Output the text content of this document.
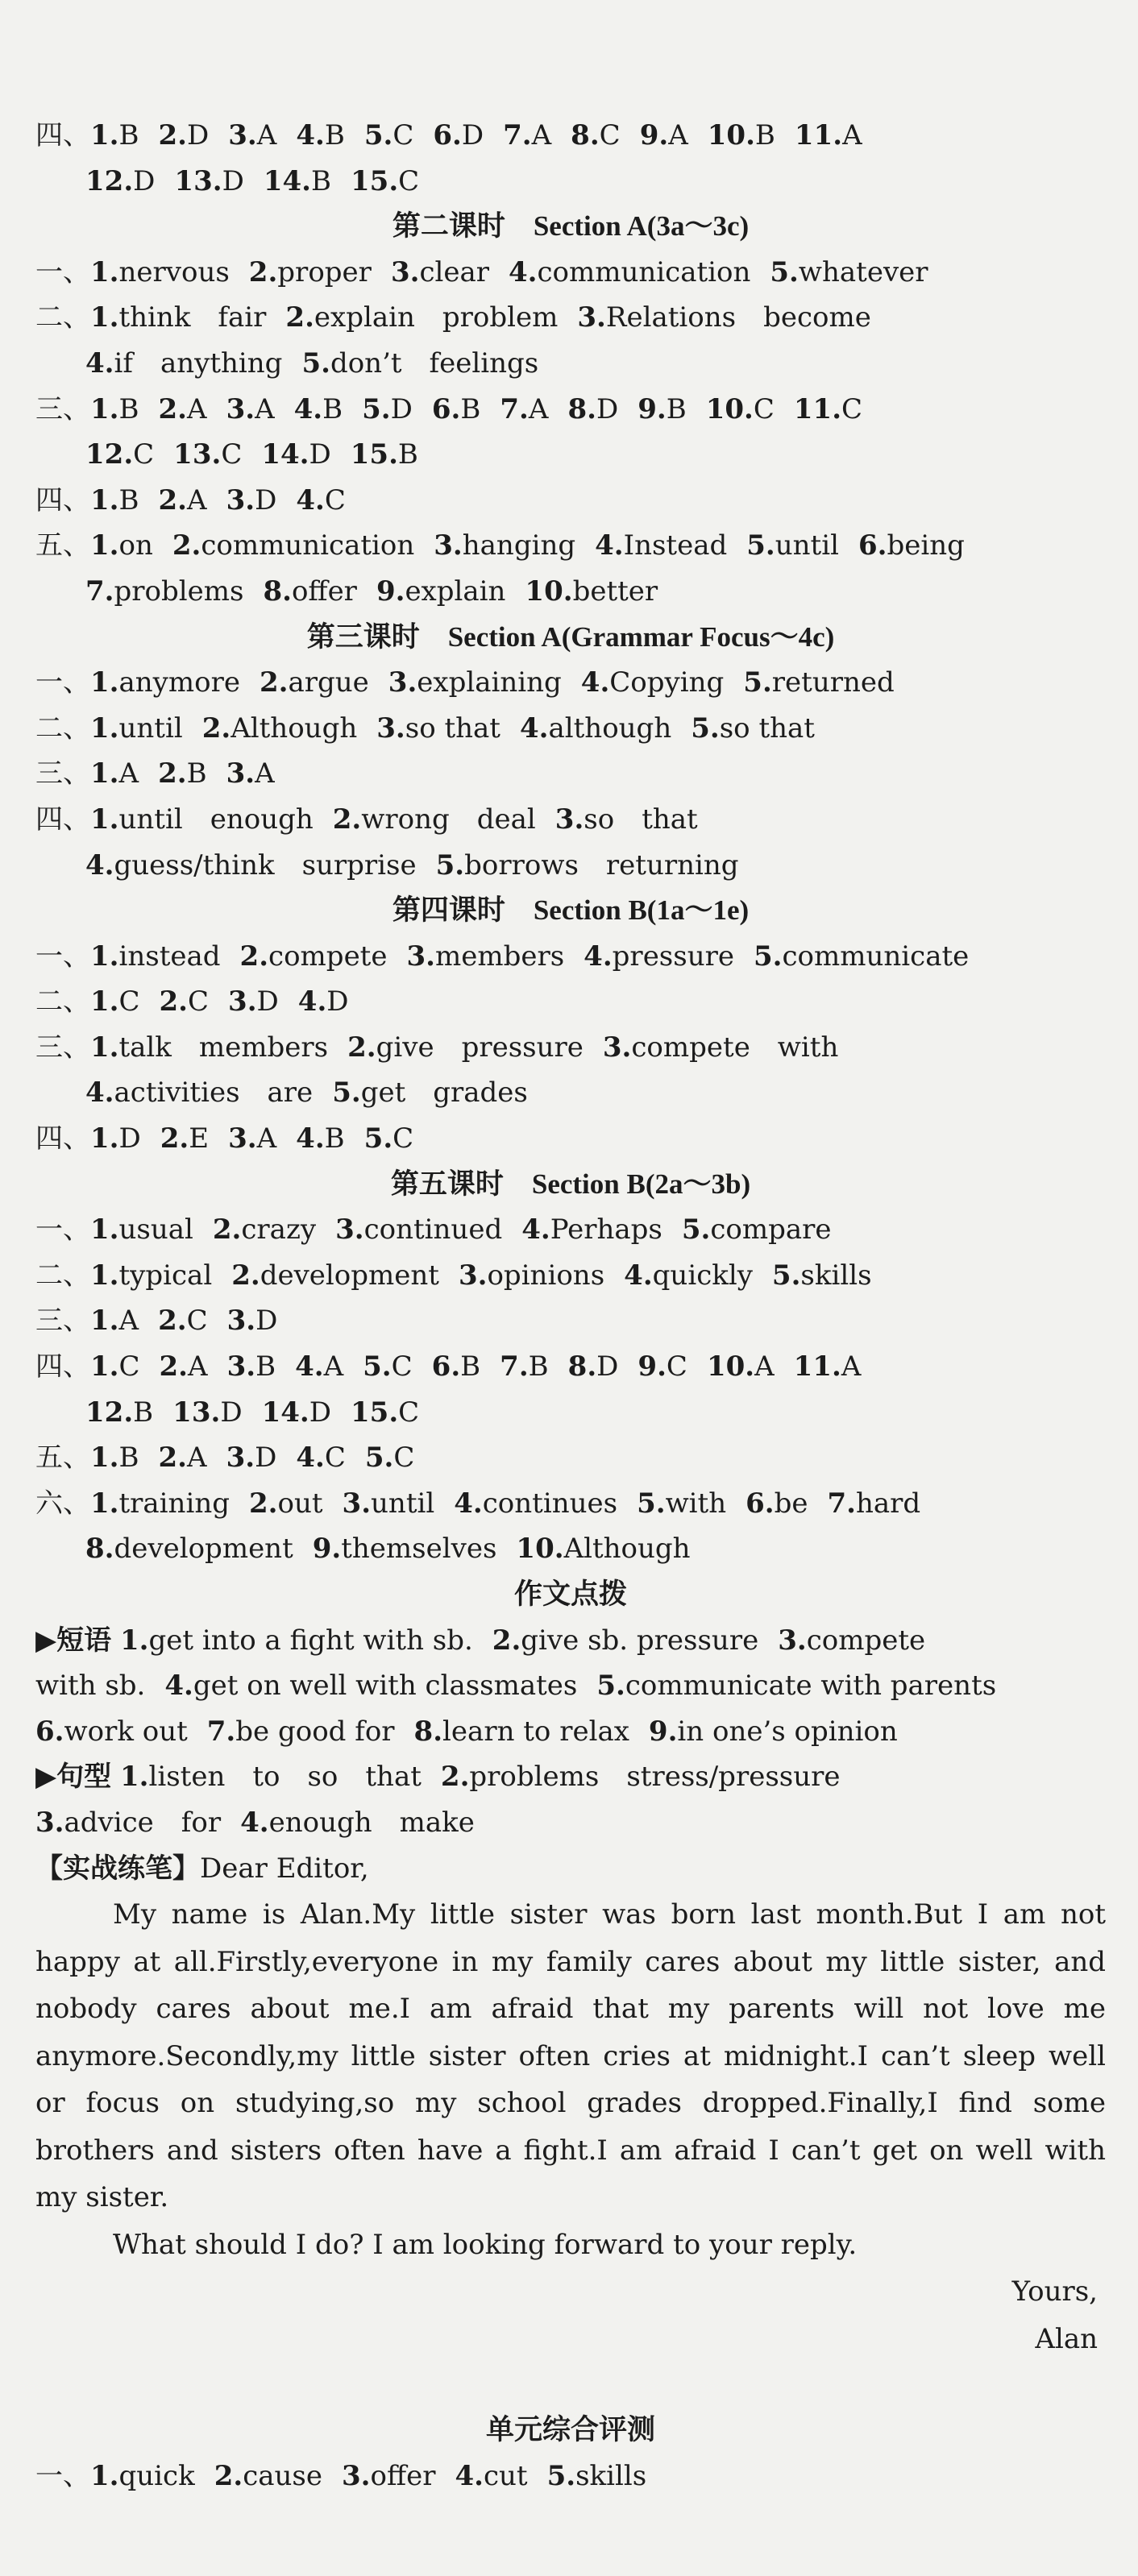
四、1.B 2.D 3.A 4.B 5.C 6.D 7.A 8.C 9.A 10.B 11.A
12.D 13.D 14.B 15.C
第二课时　Section A(3a～3c)
一、1.nervous 2.proper 3.clear 4.communication 5.whatever
二、1.think　fair 2.explain　problem 3.Relations　become
4.if　anything 5.don’t　feelings
三、1.B 2.A 3.A 4.B 5.D 6.B 7.A 8.D 9.B 10.C 11.C
12.C 13.C 14.D 15.B
四、1.B 2.A 3.D 4.C
五、1.on 2.communication 3.hanging 4.Instead 5.until 6.being
7.problems 8.offer 9.explain 10.better
第三课时　Section A(Grammar Focus～4c)
一、1.anymore 2.argue 3.explaining 4.Copying 5.returned
二、1.until 2.Although 3.so that 4.although 5.so that
三、1.A 2.B 3.A
四、1.until　enough 2.wrong　deal 3.so　that
4.guess/think　surprise 5.borrows　returning
第四课时　Section B(1a～1e)
一、1.instead 2.compete 3.members 4.pressure 5.communicate
二、1.C 2.C 3.D 4.D
三、1.talk　members 2.give　pressure 3.compete　with
4.activities　are 5.get　grades
四、1.D 2.E 3.A 4.B 5.C
第五课时　Section B(2a～3b)
一、1.usual 2.crazy 3.continued 4.Perhaps 5.compare
二、1.typical 2.development 3.opinions 4.quickly 5.skills
三、1.A 2.C 3.D
四、1.C 2.A 3.B 4.A 5.C 6.B 7.B 8.D 9.C 10.A 11.A
12.B 13.D 14.D 15.C
五、1.B 2.A 3.D 4.C 5.C
六、1.training 2.out 3.until 4.continues 5.with 6.be 7.hard
8.development 9.themselves 10.Although
作文点拨
▶短语 1.get into a fight with sb. 2.give sb. pressure 3.compete
with sb. 4.get on well with classmates 5.communicate with parents
6.work out 7.be good for 8.learn to relax 9.in one’s opinion
▶句型 1.listen　to　so　that 2.problems　stress/pressure
3.advice　for 4.enough　make
【实战练笔】Dear Editor,
My name is Alan.My little sister was born last month.But I am not happy at all.Firstly,everyone in my family cares about my little sister, and nobody cares about me.I am afraid that my parents will not love me anymore.Secondly,my little sister often cries at midnight.I can’t sleep well or focus on studying,so my school grades dropped.Finally,I find some brothers and sisters often have a fight.I am afraid I can’t get on well with my sister.
What should I do? I am looking forward to your reply.
Yours,
Alan
单元综合评测
一、1.quick 2.cause 3.offer 4.cut 5.skills
